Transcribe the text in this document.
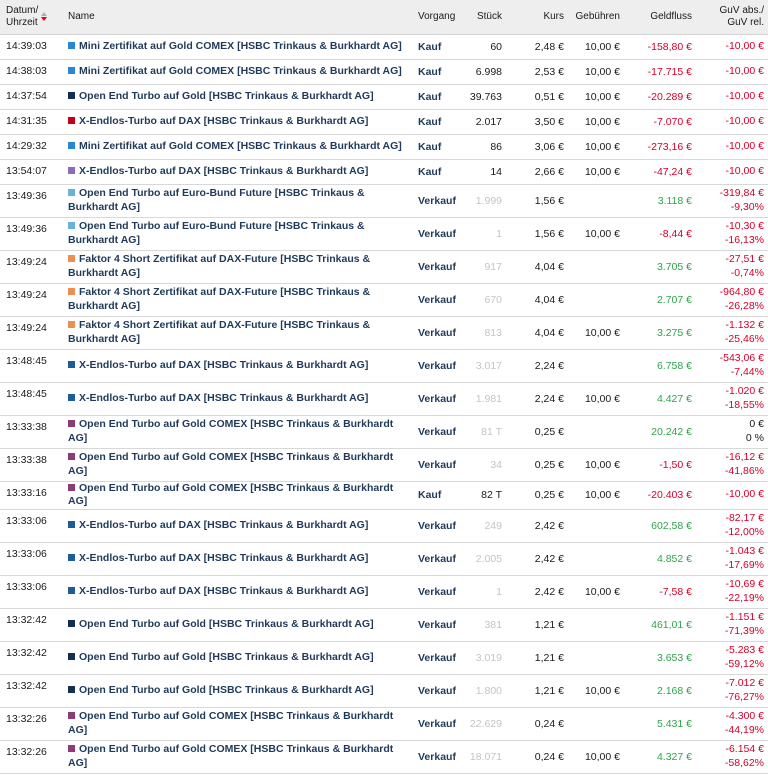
Datum/
Uhrzeit	Name	Vorgang	Stück	Kurs	Gebühren	Geldfluss	GuV abs./
GuV rel.

14:39:03	Mini Zertifikat auf Gold COMEX [HSBC Trinkaus & Burkhardt AG]	Kauf	60	2,48 €	10,00 €	-158,80 €	-10,00 €

14:38:03	Mini Zertifikat auf Gold COMEX [HSBC Trinkaus & Burkhardt AG]	Kauf	6.998	2,53 €	10,00 €	-17.715 €	-10,00 €

14:37:54	Open End Turbo auf Gold [HSBC Trinkaus & Burkhardt AG]	Kauf	39.763	0,51 €	10,00 €	-20.289 €	-10,00 €

14:31:35	X-Endlos-Turbo auf DAX [HSBC Trinkaus & Burkhardt AG]	Kauf	2.017	3,50 €	10,00 €	-7.070 €	-10,00 €

14:29:32	Mini Zertifikat auf Gold COMEX [HSBC Trinkaus & Burkhardt AG]	Kauf	86	3,06 €	10,00 €	-273,16 €	-10,00 €

13:54:07	X-Endlos-Turbo auf DAX [HSBC Trinkaus & Burkhardt AG]	Kauf	14	2,66 €	10,00 €	-47,24 €	-10,00 €

13:49:36	Open End Turbo auf Euro-Bund Future [HSBC Trinkaus & Burkhardt AG]	Verkauf	1.999	1,56 €		3.118 €	-319,84 €
-9,30%

13:49:36	Open End Turbo auf Euro-Bund Future [HSBC Trinkaus & Burkhardt AG]	Verkauf	1	1,56 €	10,00 €	-8,44 €	-10,30 €
-16,13%

13:49:24	Faktor 4 Short Zertifikat auf DAX-Future [HSBC Trinkaus & Burkhardt AG]	Verkauf	917	4,04 €		3.705 €	-27,51 €
-0,74%

13:49:24	Faktor 4 Short Zertifikat auf DAX-Future [HSBC Trinkaus & Burkhardt AG]	Verkauf	670	4,04 €		2.707 €	-964,80 €
-26,28%

13:49:24	Faktor 4 Short Zertifikat auf DAX-Future [HSBC Trinkaus & Burkhardt AG]	Verkauf	813	4,04 €	10,00 €	3.275 €	-1.132 €
-25,46%

13:48:45	X-Endlos-Turbo auf DAX [HSBC Trinkaus & Burkhardt AG]	Verkauf	3.017	2,24 €		6.758 €	-543,06 €
-7,44%

13:48:45	X-Endlos-Turbo auf DAX [HSBC Trinkaus & Burkhardt AG]	Verkauf	1.981	2,24 €	10,00 €	4.427 €	-1.020 €
-18,55%

13:33:38	Open End Turbo auf Gold COMEX [HSBC Trinkaus & Burkhardt AG]	Verkauf	81 T	0,25 €		20.242 €	0 €
0 %

13:33:38	Open End Turbo auf Gold COMEX [HSBC Trinkaus & Burkhardt AG]	Verkauf	34	0,25 €	10,00 €	-1,50 €	-16,12 €
-41,86%

13:33:16	Open End Turbo auf Gold COMEX [HSBC Trinkaus & Burkhardt AG]	Kauf	82 T	0,25 €	10,00 €	-20.403 €	-10,00 €

13:33:06	X-Endlos-Turbo auf DAX [HSBC Trinkaus & Burkhardt AG]	Verkauf	249	2,42 €		602,58 €	-82,17 €
-12,00%

13:33:06	X-Endlos-Turbo auf DAX [HSBC Trinkaus & Burkhardt AG]	Verkauf	2.005	2,42 €		4.852 €	-1.043 €
-17,69%

13:33:06	X-Endlos-Turbo auf DAX [HSBC Trinkaus & Burkhardt AG]	Verkauf	1	2,42 €	10,00 €	-7,58 €	-10,69 €
-22,19%

13:32:42	Open End Turbo auf Gold [HSBC Trinkaus & Burkhardt AG]	Verkauf	381	1,21 €		461,01 €	-1.151 €
-71,39%

13:32:42	Open End Turbo auf Gold [HSBC Trinkaus & Burkhardt AG]	Verkauf	3.019	1,21 €		3.653 €	-5.283 €
-59,12%

13:32:42	Open End Turbo auf Gold [HSBC Trinkaus & Burkhardt AG]	Verkauf	1.800	1,21 €	10,00 €	2.168 €	-7.012 €
-76,27%

13:32:26	Open End Turbo auf Gold COMEX [HSBC Trinkaus & Burkhardt AG]	Verkauf	22.629	0,24 €		5.431 €	-4.300 €
-44,19%

13:32:26	Open End Turbo auf Gold COMEX [HSBC Trinkaus & Burkhardt AG]	Verkauf	18.071	0,24 €	10,00 €	4.327 €	-6.154 €
-58,62%
